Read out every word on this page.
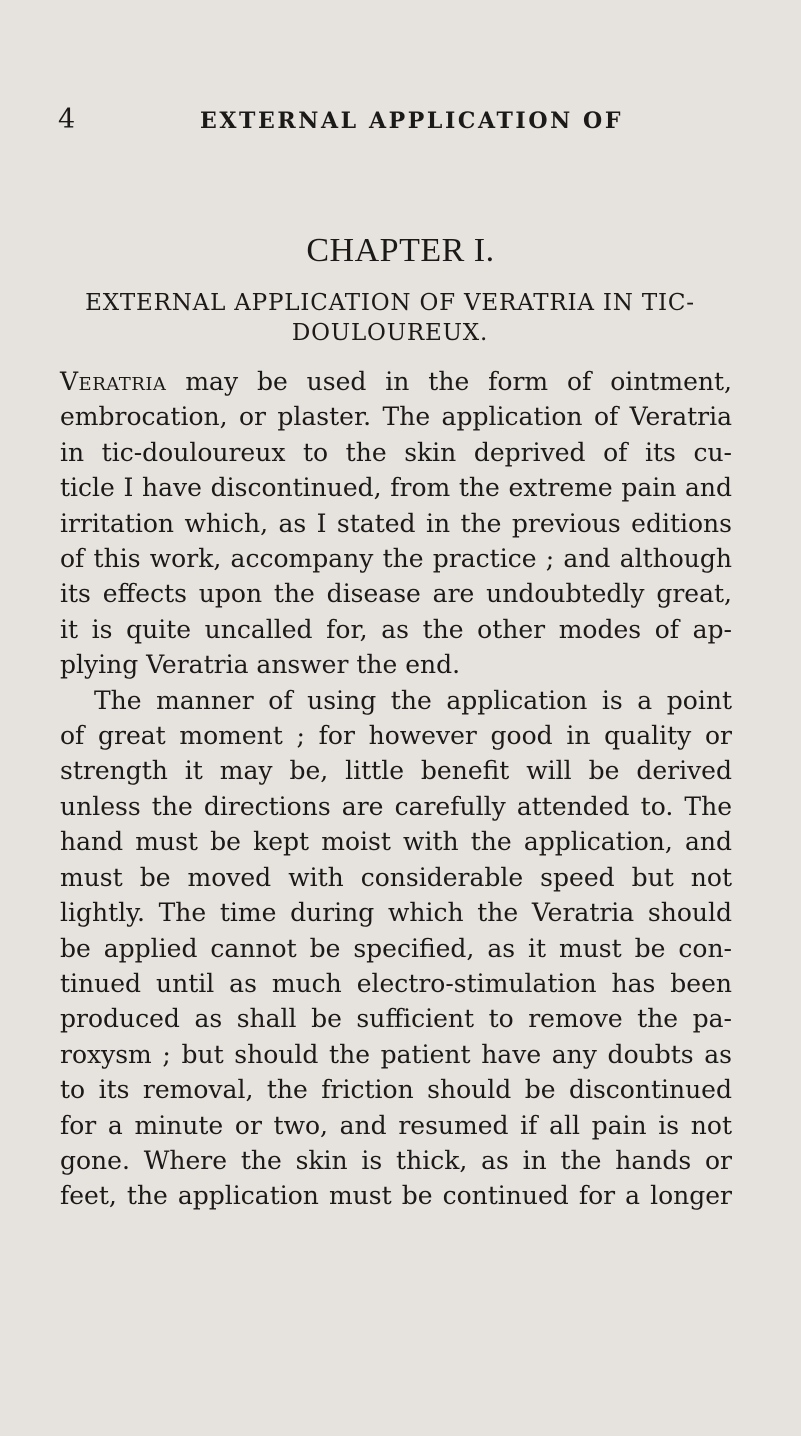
4	EXTERNAL APPLICATION OF
CHAPTER I.
EXTERNAL APPLICATION OF VERATRIA IN TIC-
DOULOUREUX.
Veratria may be used in the form of ointment,
embrocation, or plaster. The application of Veratria
in tic-douloureux to the skin deprived of its cu-
ticle I have discontinued, from the extreme pain and
irritation which, as I stated in the previous editions
of this work, accompany the practice ; and although
its effects upon the disease are undoubtedly great,
it is quite uncalled for, as the other modes of ap-
plying Veratria answer the end.
The manner of using the application is a point
of great moment ; for however good in quality or
strength it may be, little benefit will be derived
unless the directions are carefully attended to. The
hand must be kept moist with the application, and
must be moved with considerable speed but not
lightly. The time during which the Veratria should
be applied cannot be specified, as it must be con-
tinued until as much electro-stimulation has been
produced as shall be sufficient to remove the pa-
roxysm ; but should the patient have any doubts as
to its removal, the friction should be discontinued
for a minute or two, and resumed if all pain is not
gone. Where the skin is thick, as in the hands or
feet, the application must be continued for a longer
